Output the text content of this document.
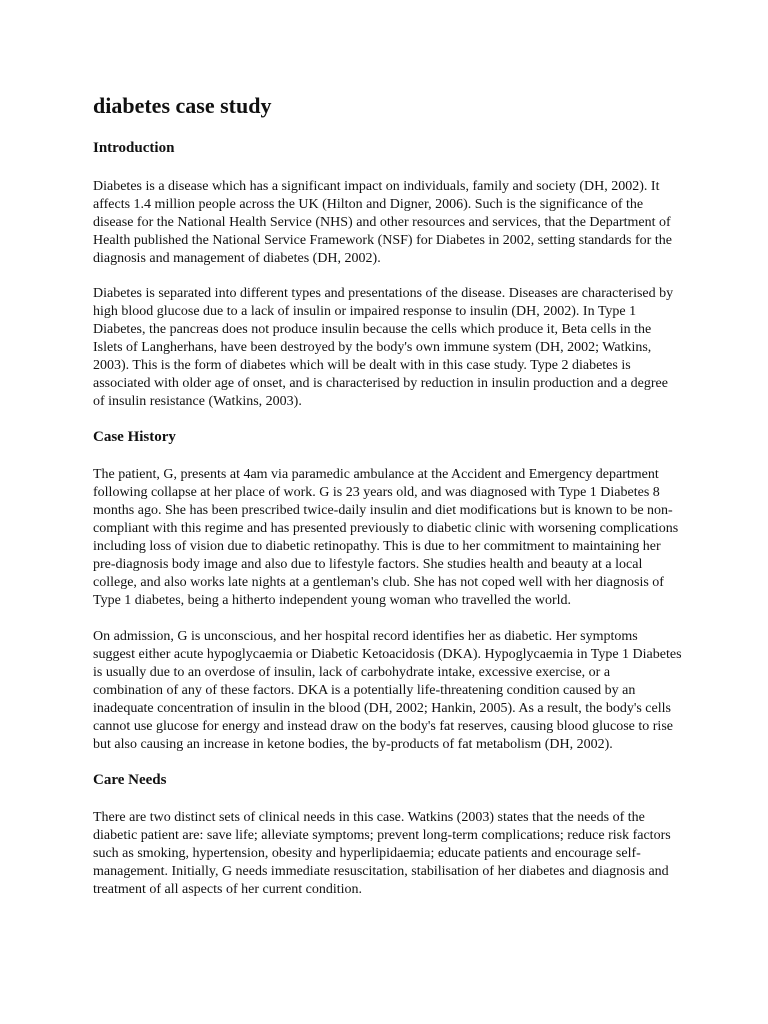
diabetes case study
Introduction

Diabetes is a disease which has a significant impact on individuals, family and society (DH, 2002). It affects 1.4 million people across the UK (Hilton and Digner, 2006). Such is the significance of the disease for the National Health Service (NHS) and other resources and services, that the Department of Health published the National Service Framework (NSF) for Diabetes in 2002, setting standards for the diagnosis and management of diabetes (DH, 2002).

Diabetes is separated into different types and presentations of the disease. Diseases are characterised by high blood glucose due to a lack of insulin or impaired response to insulin (DH, 2002). In Type 1 Diabetes, the pancreas does not produce insulin because the cells which produce it, Beta cells in the Islets of Langherhans, have been destroyed by the body's own immune system (DH, 2002; Watkins, 2003). This is the form of diabetes which will be dealt with in this case study. Type 2 diabetes is associated with older age of onset, and is characterised by reduction in insulin production and a degree of insulin resistance (Watkins, 2003).

Case History

The patient, G, presents at 4am via paramedic ambulance at the Accident and Emergency department following collapse at her place of work. G is 23 years old, and was diagnosed with Type 1 Diabetes 8 months ago. She has been prescribed twice-daily insulin and diet modifications but is known to be non-compliant with this regime and has presented previously to diabetic clinic with worsening complications including loss of vision due to diabetic retinopathy. This is due to her commitment to maintaining her pre-diagnosis body image and also due to lifestyle factors. She studies health and beauty at a local college, and also works late nights at a gentleman's club. She has not coped well with her diagnosis of Type 1 diabetes, being a hitherto independent young woman who travelled the world.

On admission, G is unconscious, and her hospital record identifies her as diabetic. Her symptoms suggest either acute hypoglycaemia or Diabetic Ketoacidosis (DKA). Hypoglycaemia in Type 1 Diabetes is usually due to an overdose of insulin, lack of carbohydrate intake, excessive exercise, or a combination of any of these factors. DKA is a potentially life-threatening condition caused by an inadequate concentration of insulin in the blood (DH, 2002; Hankin, 2005). As a result, the body's cells cannot use glucose for energy and instead draw on the body's fat reserves, causing blood glucose to rise but also causing an increase in ketone bodies, the by-products of fat metabolism (DH, 2002).

Care Needs

There are two distinct sets of clinical needs in this case. Watkins (2003) states that the needs of the diabetic patient are: save life; alleviate symptoms; prevent long-term complications; reduce risk factors such as smoking, hypertension, obesity and hyperlipidaemia; educate patients and encourage self-management. Initially, G needs immediate resuscitation, stabilisation of her diabetes and diagnosis and treatment of all aspects of her current condition.
